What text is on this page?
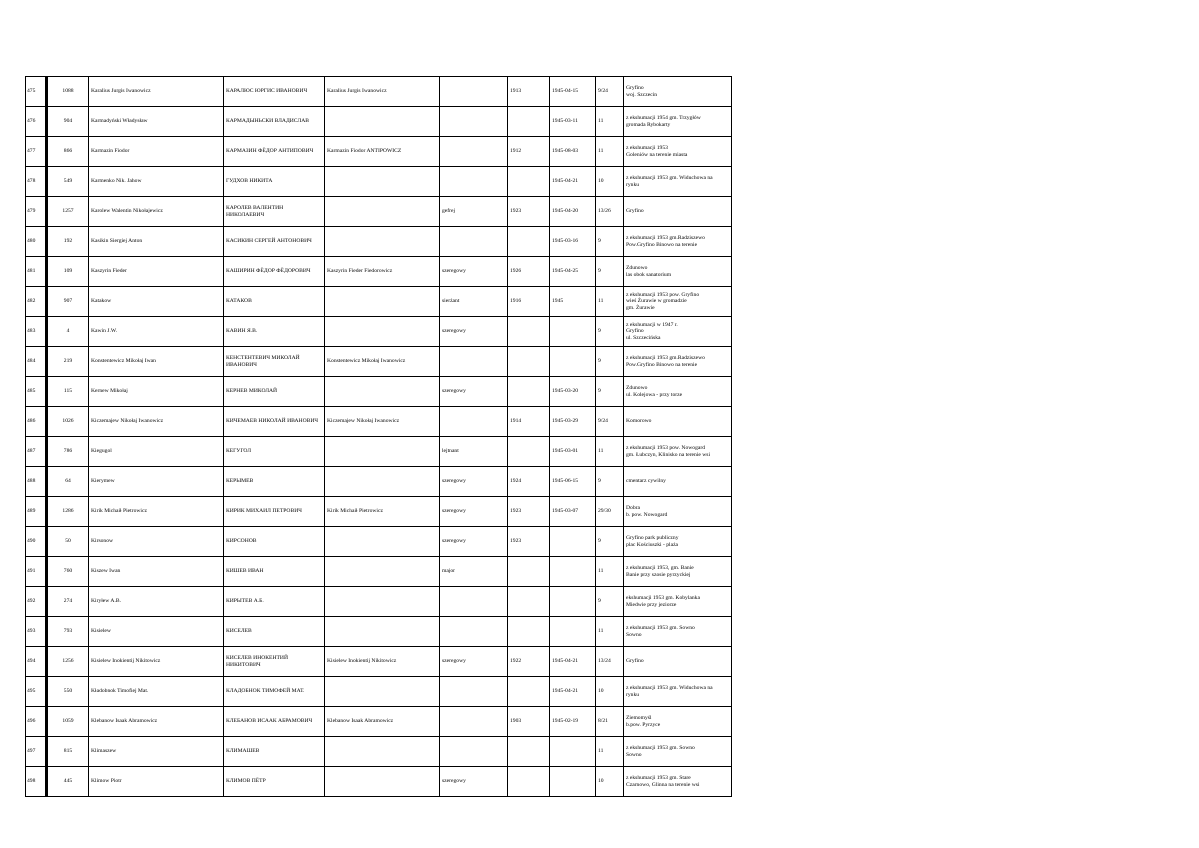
475	1088	Karalius Jurgis Iwanowicz	КАРАЛЮС ЮРГИС ИВАНОВИЧ	Karalius Jurgis Iwanowicz		1913	1945-04-15	9/24	Gryfino
woj. Szczecin

476	904	Karmadyński Władysław	КАРМАДЫНЬСКИ ВЛАДИСЛАВ				1945-03-11	11	z ekshumacji 1954 gm. Trzygłów
gromada Rybokarty

477	866	Karmazin Fiodor	КАРМАЗИН ФЁДОР АНТИПОВИЧ	Karmazin Fiodor ANTIPOWICZ		1912	1945-08-03	11	z ekshumacji 1953
Goleniów na terenie miasta

478	549	Karmenko Nik. Jahow	ГУДХОВ НИКИТА				1945-04-21	10	z ekshumacji 1953 gm. Widuchowa na
rynku

479	1257	Karolew Walentin Nikołajewicz	КАРОЛЕВ ВАЛЕНТИН НИКОЛАЕВИЧ		gefrej	1923	1945-04-20	13/26	Gryfino

480	192	Kasikin Siergiej Anton	КАСИКИН СЕРГЕЙ АНТОНОВИЧ				1945-03-16	9	z ekshumacji 1953 gm.Radziszewo
Pow.Gryfino Binowo na terenie

481	109	Kaszyrin Fieder	КАШИРИН ФЁДОР ФЁДОРОВИЧ	Kaszyrin Fieder Fiedorowicz	szeregowy	1926	1945-04-25	9	Zdunowo
las obok sanatorium

482	907	Katakow	КАТАКОВ		sierżant	1916	1945	11	z ekshumacji 1953 pow. Gryfino
wieś Żurawie w gromadzie
gm. Żurawie

483	4	Kawin J.W.	КАВИН Я.В.		szeregowy			9	z ekshumacji w 1947 r.
Gryfino
ul. Szczecińska

484	219	Konstentewicz Mikołaj Iwan	КЕНСТЕНТЕВИЧ МИКОЛАЙ ИВАНОВИЧ	Konstentewicz Mikołaj Iwanowicz				9	z ekshumacji 1953 gm.Radziszewo
Pow.Gryfino Binowo na terenie

485	115	Kernew Mikołaj	КЕРНЕВ МИКОЛАЙ		szeregowy		1945-03-20	9	Zdunowo
ul. Kolejowa - przy torze

486	1026	Kiczemajew Nikołaj Iwanowicz	КИЧЕМАЕВ НИКОЛАЙ ИВАНОВИЧ	Kiczemajew Nikołaj Iwanowicz		1914	1945-03-29	9/24	Komorowo

487	786	Kiegugol	КЕГУГОЛ		lejtnant		1945-03-01	11	z ekshumacji 1953 pow. Nowogard
gm. Łubczyn, Klinisko na terenie wsi

488	64	Kierymew	КЕРЫМЕВ		szeregowy	1924	1945-06-15	9	cmentarz cywilny

489	1286	Kirik Michaił Pietrowicz	КИРИК МИХАИЛ ПЕТРОВИЧ	Kirik Michaił Pietrowicz	szeregowy	1923	1945-03-07	29/30	Dobra
b. pow. Nowogard

490	50	Kirsonow	КИРСОНОВ		szeregowy	1923		9	Gryfino park publiczny
plac Kościuszki - plaża

491	760	Kiszew Iwan	КИШЕВ ИВАН		major			11	z ekshumacji 1953, gm. Banie
Banie przy szosie pyrzyckiej

492	274	Kiryłew A.B.	КИРЫТЕВ А.Б.					9	ekshumacji 1953 gm. Kobylanka
Miedwie przy jeziorze

493	793	Kisielew	КИСЕЛЕВ					11	z ekshumacji 1953 gm. Sowno
Sowno

494	1256	Kisielew Inokientij Nikitowicz	КИСЕЛЕВ ИНОКЕНТИЙ НИКИТОВИЧ	Kisielew Inokientij Nikitowicz	szeregowy	1922	1945-04-21	13/24	Gryfino

495	550	Kładobnok Timofiej Mat.	КЛАДОБНОК ТИМОФЕЙ МАТ.				1945-04-21	10	z ekshumacji 1953 gm. Widuchowa na
rynku

496	1059	Klebanow Isaak Abramowicz	КЛЕБАНОВ ИСААК АБРАМОВИЧ	Klebanow Isaak Abramowicz		1903	1945-02-19	8/21	Ziemomyśl
b.pow. Pyrzyce

497	815	Klimaszew	КЛИМАШЕВ					11	z ekshumacji 1953 gm. Sowno
Sowno

498	445	Klimow Piotr	КЛИМОВ ПЁТР		szeregowy			10	z ekshumacji 1953 gm. Stare
Czarnowo, Glinna na terenie wsi
